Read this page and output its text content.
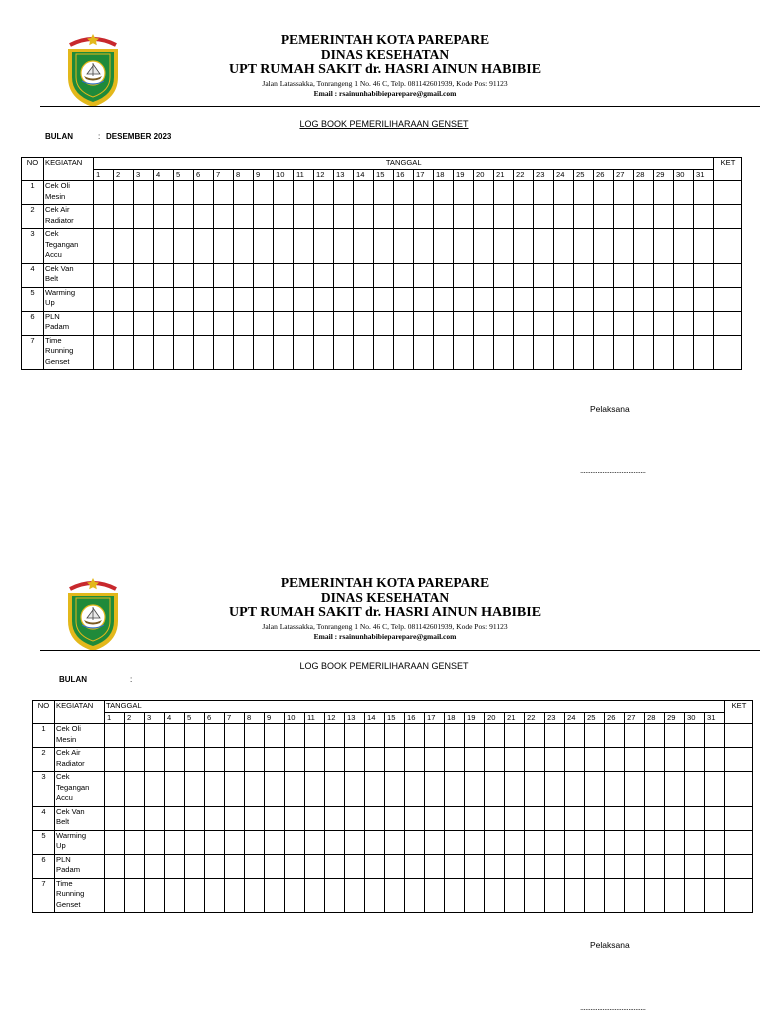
PEMERINTAH KOTA PAREPARE
DINAS KESEHATAN
UPT RUMAH SAKIT dr. HASRI AINUN HABIBIE
Jalan Latassakka, Tonrangeng 1 No. 46 C, Telp. 081142601939, Kode Pos: 91123
Email : rsainunhabibieparepare@gmail.com
LOG BOOK PEMERILIHARAAN GENSET
BULAN	: DESEMBER 2023
NO	KEGIATAN	TANGGAL																															KET
		1	2	3	4	5	6	7	8	9	10	11	12	13	14	15	16	17	18	19	20	21	22	23	24	25	26	27	28	29	30	31	
1	Cek Oli
Mesin																																

2	Cek Air
Radiator																																

3	Cek
Tegangan
Accu																																

4	Cek Van
Belt																																

5	Warming
Up																																

6	PLN
Padam																																

7	Time
Running
Genset																																

Pelaksana
......................................
PEMERINTAH KOTA PAREPARE
DINAS KESEHATAN
UPT RUMAH SAKIT dr. HASRI AINUN HABIBIE
Jalan Latassakka, Tonrangeng 1 No. 46 C, Telp. 081142601939, Kode Pos: 91123
Email : rsainunhabibieparepare@gmail.com
LOG BOOK PEMERILIHARAAN GENSET
BULAN	:
NO	KEGIATAN	TANGGAL																															KET
		1	2	3	4	5	6	7	8	9	10	11	12	13	14	15	16	17	18	19	20	21	22	23	24	25	26	27	28	29	30	31	
1	Cek Oli
Mesin																																

2	Cek Air
Radiator																																

3	Cek
Tegangan
Accu																																

4	Cek Van
Belt																																

5	Warming
Up																																

6	PLN
Padam																																

7	Time
Running
Genset																																

Pelaksana
......................................
